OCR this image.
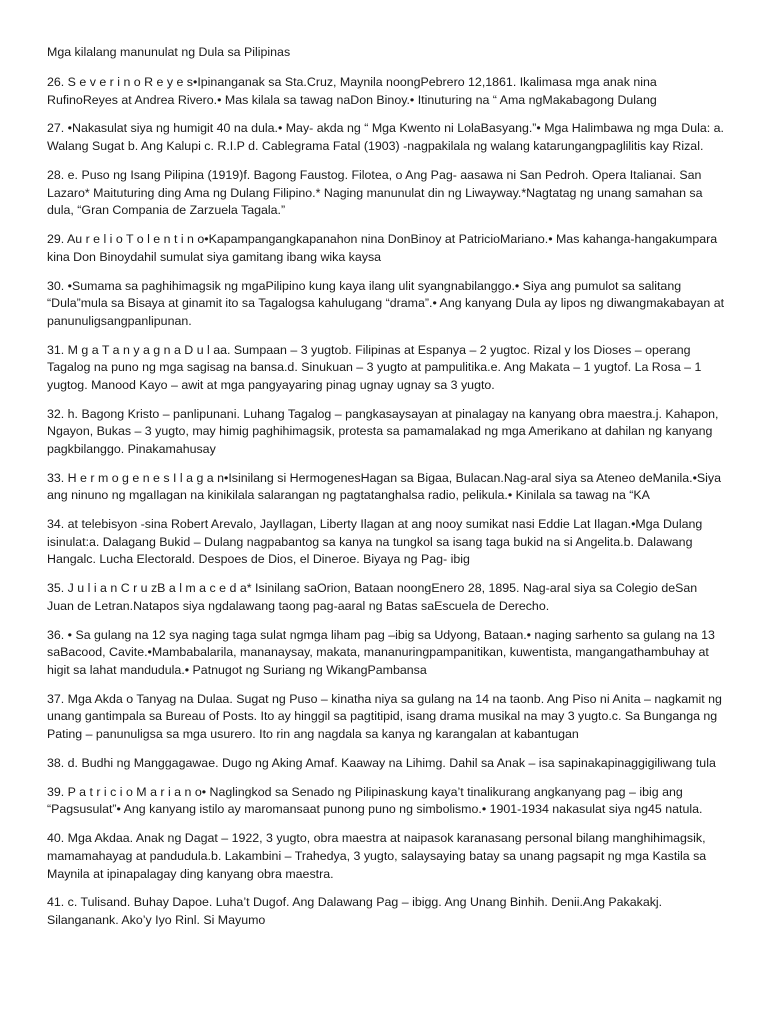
Mga kilalang manunulat ng Dula sa Pilipinas
26. S e v e r i n o R e y e s•Ipinanganak sa Sta.Cruz, Maynila noongPebrero 12,1861. Ikalimasa mga anak nina RufinoReyes at Andrea Rivero.• Mas kilala sa tawag naDon Binoy.• Itinuturing na “ Ama ngMakabagong Dulang
27. •Nakasulat siya ng humigit 40 na dula.• May- akda ng “ Mga Kwento ni LolaBasyang.”• Mga Halimbawa ng mga Dula: a. Walang Sugat b. Ang Kalupi c. R.I.P d. Cablegrama Fatal (1903) -nagpakilala ng walang katarungangpaglilitis kay Rizal.
28. e. Puso ng Isang Pilipina (1919)f. Bagong Faustog. Filotea, o Ang Pag- aasawa ni San Pedroh. Opera Italianai. San Lazaro* Maituturing ding Ama ng Dulang Filipino.* Naging manunulat din ng Liwayway.*Nagtatag ng unang samahan sa dula, “Gran Compania de Zarzuela Tagala.”
29. Au r e l i o T o l e n t i n o•Kapampangangkapanahon nina DonBinoy at PatricioMariano.• Mas kahanga-hangakumpara kina Don Binoydahil sumulat siya gamitang ibang wika kaysa
30. •Sumama sa paghihimagsik ng mgaPilipino kung kaya ilang ulit syangnabilanggo.• Siya ang pumulot sa salitang “Dula”mula sa Bisaya at ginamit ito sa Tagalogsa kahulugang “drama”.• Ang kanyang Dula ay lipos ng diwangmakabayan at panunuligsangpanlipunan.
31. M g a T a n y a g n a D u l aa. Sumpaan – 3 yugtob. Filipinas at Espanya – 2 yugtoc. Rizal y los Dioses – operang Tagalog na puno ng mga sagisag na bansa.d. Sinukuan – 3 yugto at pampulitika.e. Ang Makata – 1 yugtof. La Rosa – 1 yugtog. Manood Kayo – awit at mga pangyayaring pinag ugnay ugnay sa 3 yugto.
32. h. Bagong Kristo – panlipunani. Luhang Tagalog – pangkasaysayan at pinalagay na kanyang obra maestra.j. Kahapon, Ngayon, Bukas – 3 yugto, may himig paghihimagsik, protesta sa pamamalakad ng mga Amerikano at dahilan ng kanyang pagkbilanggo. Pinakamahusay
33. H e r m o g e n e s I l a g a n•Isinilang si HermogenesHagan sa Bigaa, Bulacan.Nag-aral siya sa Ateneo deManila.•Siya ang ninuno ng mgaIlagan na kinikilala salarangan ng pagtatanghalsa radio, pelikula.• Kinilala sa tawag na “KA
34. at telebisyon -sina Robert Arevalo, JayIlagan, Liberty Ilagan at ang nooy sumikat nasi Eddie Lat Ilagan.•Mga Dulang isinulat:a. Dalagang Bukid – Dulang nagpabantog sa kanya na tungkol sa isang taga bukid na si Angelita.b. Dalawang Hangalc. Lucha Electorald. Despoes de Dios, el Dineroe. Biyaya ng Pag- ibig
35. J u l i a n C r u zB a l m a c e d a* Isinilang saOrion, Bataan noongEnero 28, 1895. Nag-aral siya sa Colegio deSan Juan de Letran.Natapos siya ngdalawang taong pag-aaral ng Batas saEscuela de Derecho.
36. • Sa gulang na 12 sya naging taga sulat ngmga liham pag –ibig sa Udyong, Bataan.• naging sarhento sa gulang na 13 saBacood, Cavite.•Mambabalarila, mananaysay, makata, mananuringpampanitikan, kuwentista, mangangathambuhay at higit sa lahat mandudula.• Patnugot ng Suriang ng WikangPambansa
37. Mga Akda o Tanyag na Dulaa. Sugat ng Puso – kinatha niya sa gulang na 14 na taonb. Ang Piso ni Anita – nagkamit ng unang gantimpala sa Bureau of Posts. Ito ay hinggil sa pagtitipid, isang drama musikal na may 3 yugto.c. Sa Bunganga ng Pating – panunuligsa sa mga usurero. Ito rin ang nagdala sa kanya ng karangalan at kabantugan
38. d. Budhi ng Manggagawae. Dugo ng Aking Amaf. Kaaway na Lihimg. Dahil sa Anak – isa sapinakapinaggigiliwang tula
39. P a t r i c i o M a r i a n o• Naglingkod sa Senado ng Pilipinaskung kaya’t tinalikurang angkanyang pag – ibig ang “Pagsusulat”• Ang kanyang istilo ay maromansaat punong puno ng simbolismo.• 1901-1934 nakasulat siya ng45 natula.
40. Mga Akdaa. Anak ng Dagat – 1922, 3 yugto, obra maestra at naipasok karanasang personal bilang manghihimagsik, mamamahayag at pandudula.b. Lakambini – Trahedya, 3 yugto, salaysaying batay sa unang pagsapit ng mga Kastila sa Maynila at ipinapalagay ding kanyang obra maestra.
41. c. Tulisand. Buhay Dapoe. Luha’t Dugof. Ang Dalawang Pag – ibigg. Ang Unang Binhih. Denii.Ang Pakakakj. Silanganank. Ako’y Iyo Rinl. Si Mayumo
